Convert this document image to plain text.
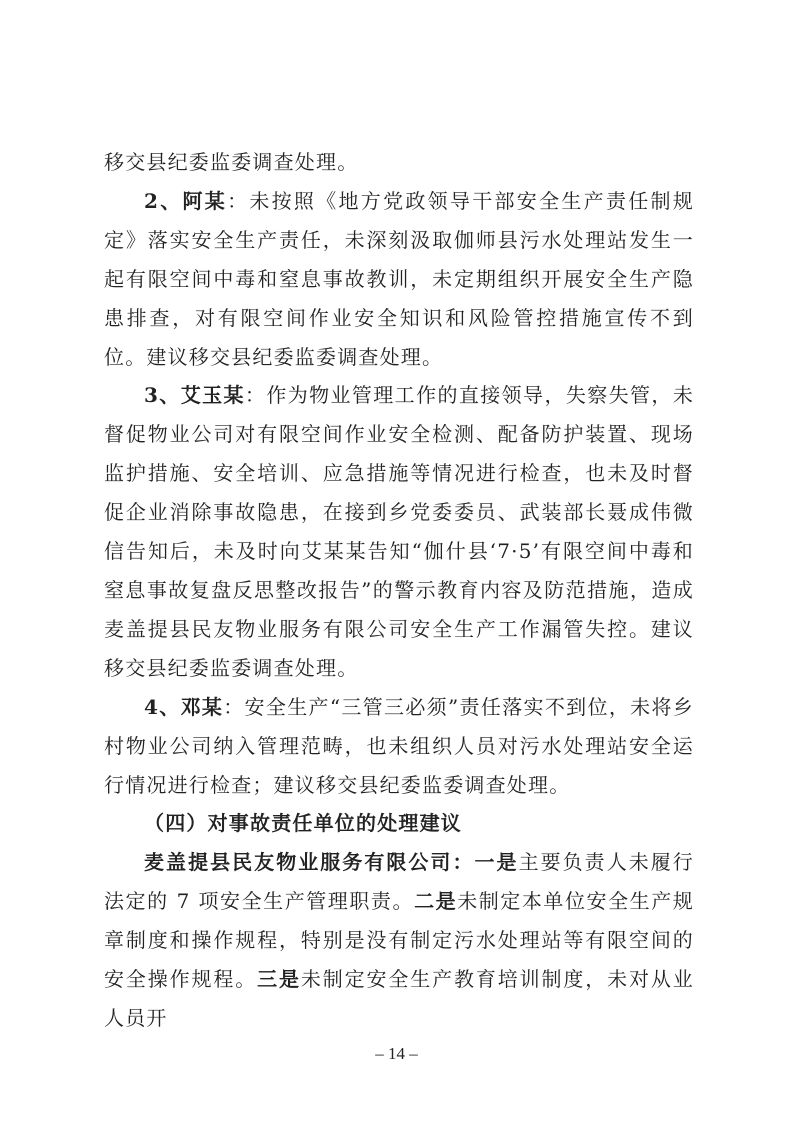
移交县纪委监委调查处理。

2、阿某：未按照《地方党政领导干部安全生产责任制规定》落实安全生产责任，未深刻汲取伽师县污水处理站发生一起有限空间中毒和窒息事故教训，未定期组织开展安全生产隐患排查，对有限空间作业安全知识和风险管控措施宣传不到位。建议移交县纪委监委调查处理。

3、艾玉某：作为物业管理工作的直接领导，失察失管，未督促物业公司对有限空间作业安全检测、配备防护装置、现场监护措施、安全培训、应急措施等情况进行检查，也未及时督促企业消除事故隐患，在接到乡党委委员、武装部长聂成伟微信告知后，未及时向艾某某告知“伽什县‘7·5’有限空间中毒和窒息事故复盘反思整改报告”的警示教育内容及防范措施，造成麦盖提县民友物业服务有限公司安全生产工作漏管失控。建议移交县纪委监委调查处理。

4、邓某：安全生产“三管三必须”责任落实不到位，未将乡村物业公司纳入管理范畴，也未组织人员对污水处理站安全运行情况进行检查；建议移交县纪委监委调查处理。

（四）对事故责任单位的处理建议

麦盖提县民友物业服务有限公司：一是主要负责人未履行法定的 7 项安全生产管理职责。二是未制定本单位安全生产规章制度和操作规程，特别是没有制定污水处理站等有限空间的安全操作规程。三是未制定安全生产教育培训制度，未对从业人员开

– 14 –
